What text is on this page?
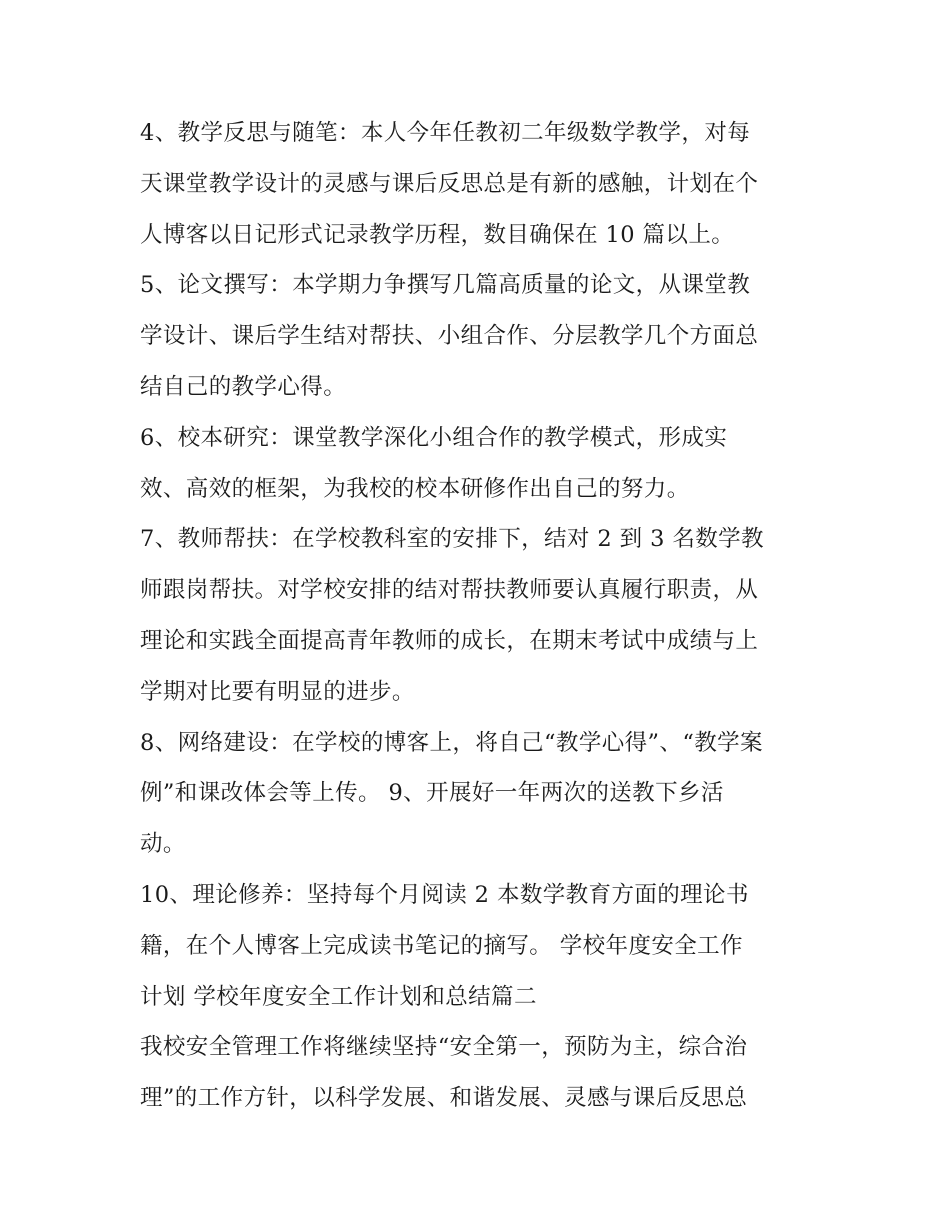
4、教学反思与随笔：本人今年任教初二年级数学教学，对每
天课堂教学设计的灵感与课后反思总是有新的感触，计划在个
人博客以日记形式记录教学历程，数目确保在 10 篇以上。
5、论文撰写：本学期力争撰写几篇高质量的论文，从课堂教
学设计、课后学生结对帮扶、小组合作、分层教学几个方面总
结自己的教学心得。
6、校本研究：课堂教学深化小组合作的教学模式，形成实
效、高效的框架，为我校的校本研修作出自己的努力。
7、教师帮扶：在学校教科室的安排下，结对 2 到 3 名数学教
师跟岗帮扶。对学校安排的结对帮扶教师要认真履行职责，从
理论和实践全面提高青年教师的成长，在期末考试中成绩与上
学期对比要有明显的进步。
8、网络建设：在学校的博客上，将自己“教学心得”、“教学案
例”和课改体会等上传。 9、开展好一年两次的送教下乡活
动。
10、理论修养：坚持每个月阅读 2 本数学教育方面的理论书
籍，在个人博客上完成读书笔记的摘写。 学校年度安全工作
计划 学校年度安全工作计划和总结篇二
我校安全管理工作将继续坚持“安全第一，预防为主，综合治
理”的工作方针，以科学发展、和谐发展、灵感与课后反思总
